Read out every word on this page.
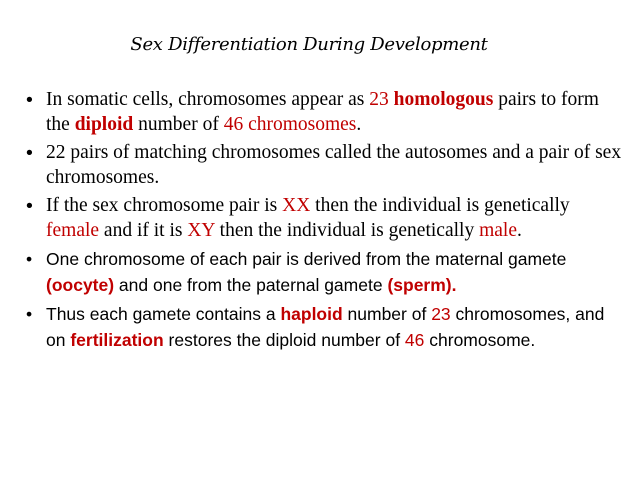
Sex Differentiation During Development
• In somatic cells, chromosomes appear as 23 homologous pairs to form the diploid number of 46 chromosomes.
• 22 pairs of matching chromosomes called the autosomes and a pair of sex chromosomes.
• If the sex chromosome pair is XX then the individual is genetically female and if it is XY then the individual is genetically male.
• One chromosome of each pair is derived from the maternal gamete (oocyte) and one from the paternal gamete (sperm).
• Thus each gamete contains a haploid number of 23 chromosomes, and on fertilization restores the diploid number of 46 chromosome.
